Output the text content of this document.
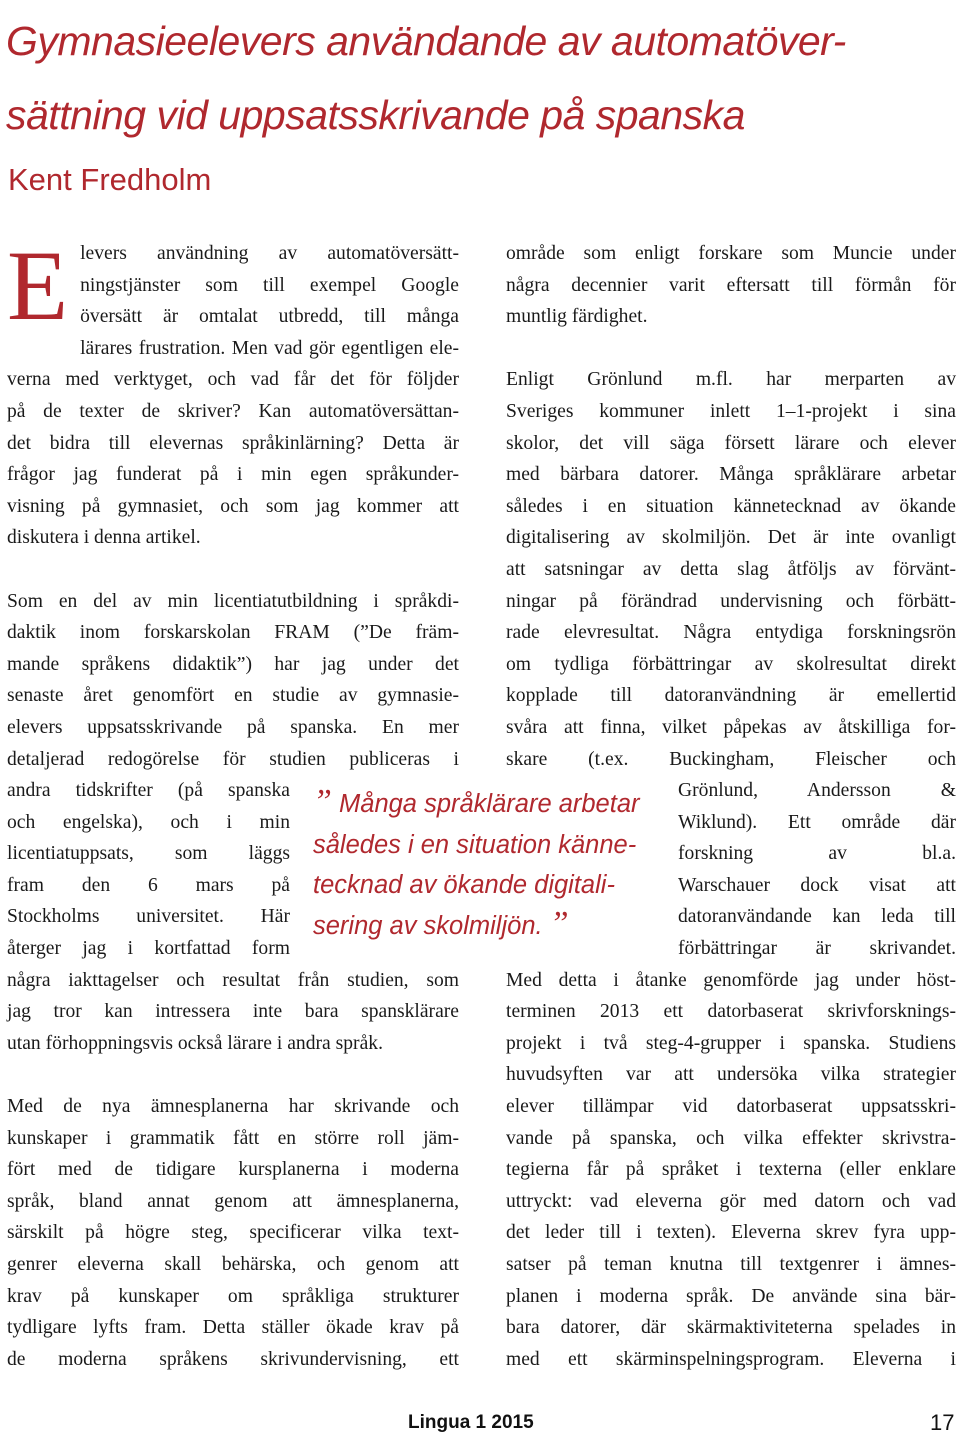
Gymnasieelevers användande av automatöver-
sättning vid uppsatsskrivande på spanska
Kent Fredholm

E levers användning av automatöversätt-
ningstjänster som till exempel Google
översätt är omtalat utbredd, till många
lärares frustration. Men vad gör egentligen ele-
verna med verktyget, och vad får det för följder
på de texter de skriver? Kan automatöversättan-
det bidra till elevernas språkinlärning? Detta är
frågor jag funderat på i min egen språkunder-
visning på gymnasiet, och som jag kommer att
diskutera i denna artikel.

Som en del av min licentiatutbildning i språkdi-
daktik inom forskarskolan FRAM (”De främ-
mande språkens didaktik”) har jag under det
senaste året genomfört en studie av gymnasie-
elevers uppsatsskrivande på spanska. En mer
detaljerad redogörelse för studien publiceras i
andra tidskrifter (på spanska
och engelska), och i min
licentiatuppsats, som läggs
fram den 6 mars på
Stockholms universitet. Här
återger jag i kortfattad form
några iakttagelser och resultat från studien, som
jag tror kan intressera inte bara spansklärare
utan förhoppningsvis också lärare i andra språk.

Med de nya ämnesplanerna har skrivande och
kunskaper i grammatik fått en större roll jäm-
fört med de tidigare kursplanerna i moderna
språk, bland annat genom att ämnesplanerna,
särskilt på högre steg, specificerar vilka text-
genrer eleverna skall behärska, och genom att
krav på kunskaper om språkliga strukturer
tydligare lyfts fram. Detta ställer ökade krav på
de moderna språkens skrivundervisning, ett

område som enligt forskare som Muncie under
några decennier varit eftersatt till förmån för
muntlig färdighet.

Enligt Grönlund m.fl. har merparten av
Sveriges kommuner inlett 1–1-projekt i sina
skolor, det vill säga försett lärare och elever
med bärbara datorer. Många språklärare arbetar
således i en situation kännetecknad av ökande
digitalisering av skolmiljön. Det är inte ovanligt
att satsningar av detta slag åtföljs av förvänt-
ningar på förändrad undervisning och förbätt-
rade elevresultat. Några entydiga forskningsrön
om tydliga förbättringar av skolresultat direkt
kopplade till datoranvändning är emellertid
svåra att finna, vilket påpekas av åtskilliga for-
skare (t.ex. Buckingham, Fleischer och
Grönlund, Andersson &
Wiklund). Ett område där
forskning av bl.a.
Warschauer dock visat att
datoranvändande kan leda till
förbättringar är skrivandet.

Med detta i åtanke genomförde jag under höst-
terminen 2013 ett datorbaserat skrivforsknings-
projekt i två steg-4-grupper i spanska. Studiens
huvudsyften var att undersöka vilka strategier
elever tillämpar vid datorbaserat uppsatsskri-
vande på spanska, och vilka effekter skrivstra-
tegierna får på språket i texterna (eller enklare
uttryckt: vad eleverna gör med datorn och vad
det leder till i texten). Eleverna skrev fyra upp-
satser på teman knutna till textgenrer i ämnes-
planen i moderna språk. De använde sina bär-
bara datorer, där skärmaktiviteterna spelades in
med ett skärminspelningsprogram. Eleverna i

” Många språklärare arbetar
således i en situation känne-
tecknad av ökande digitali-
sering av skolmiljön. ”
Lingua 1 2015	17
